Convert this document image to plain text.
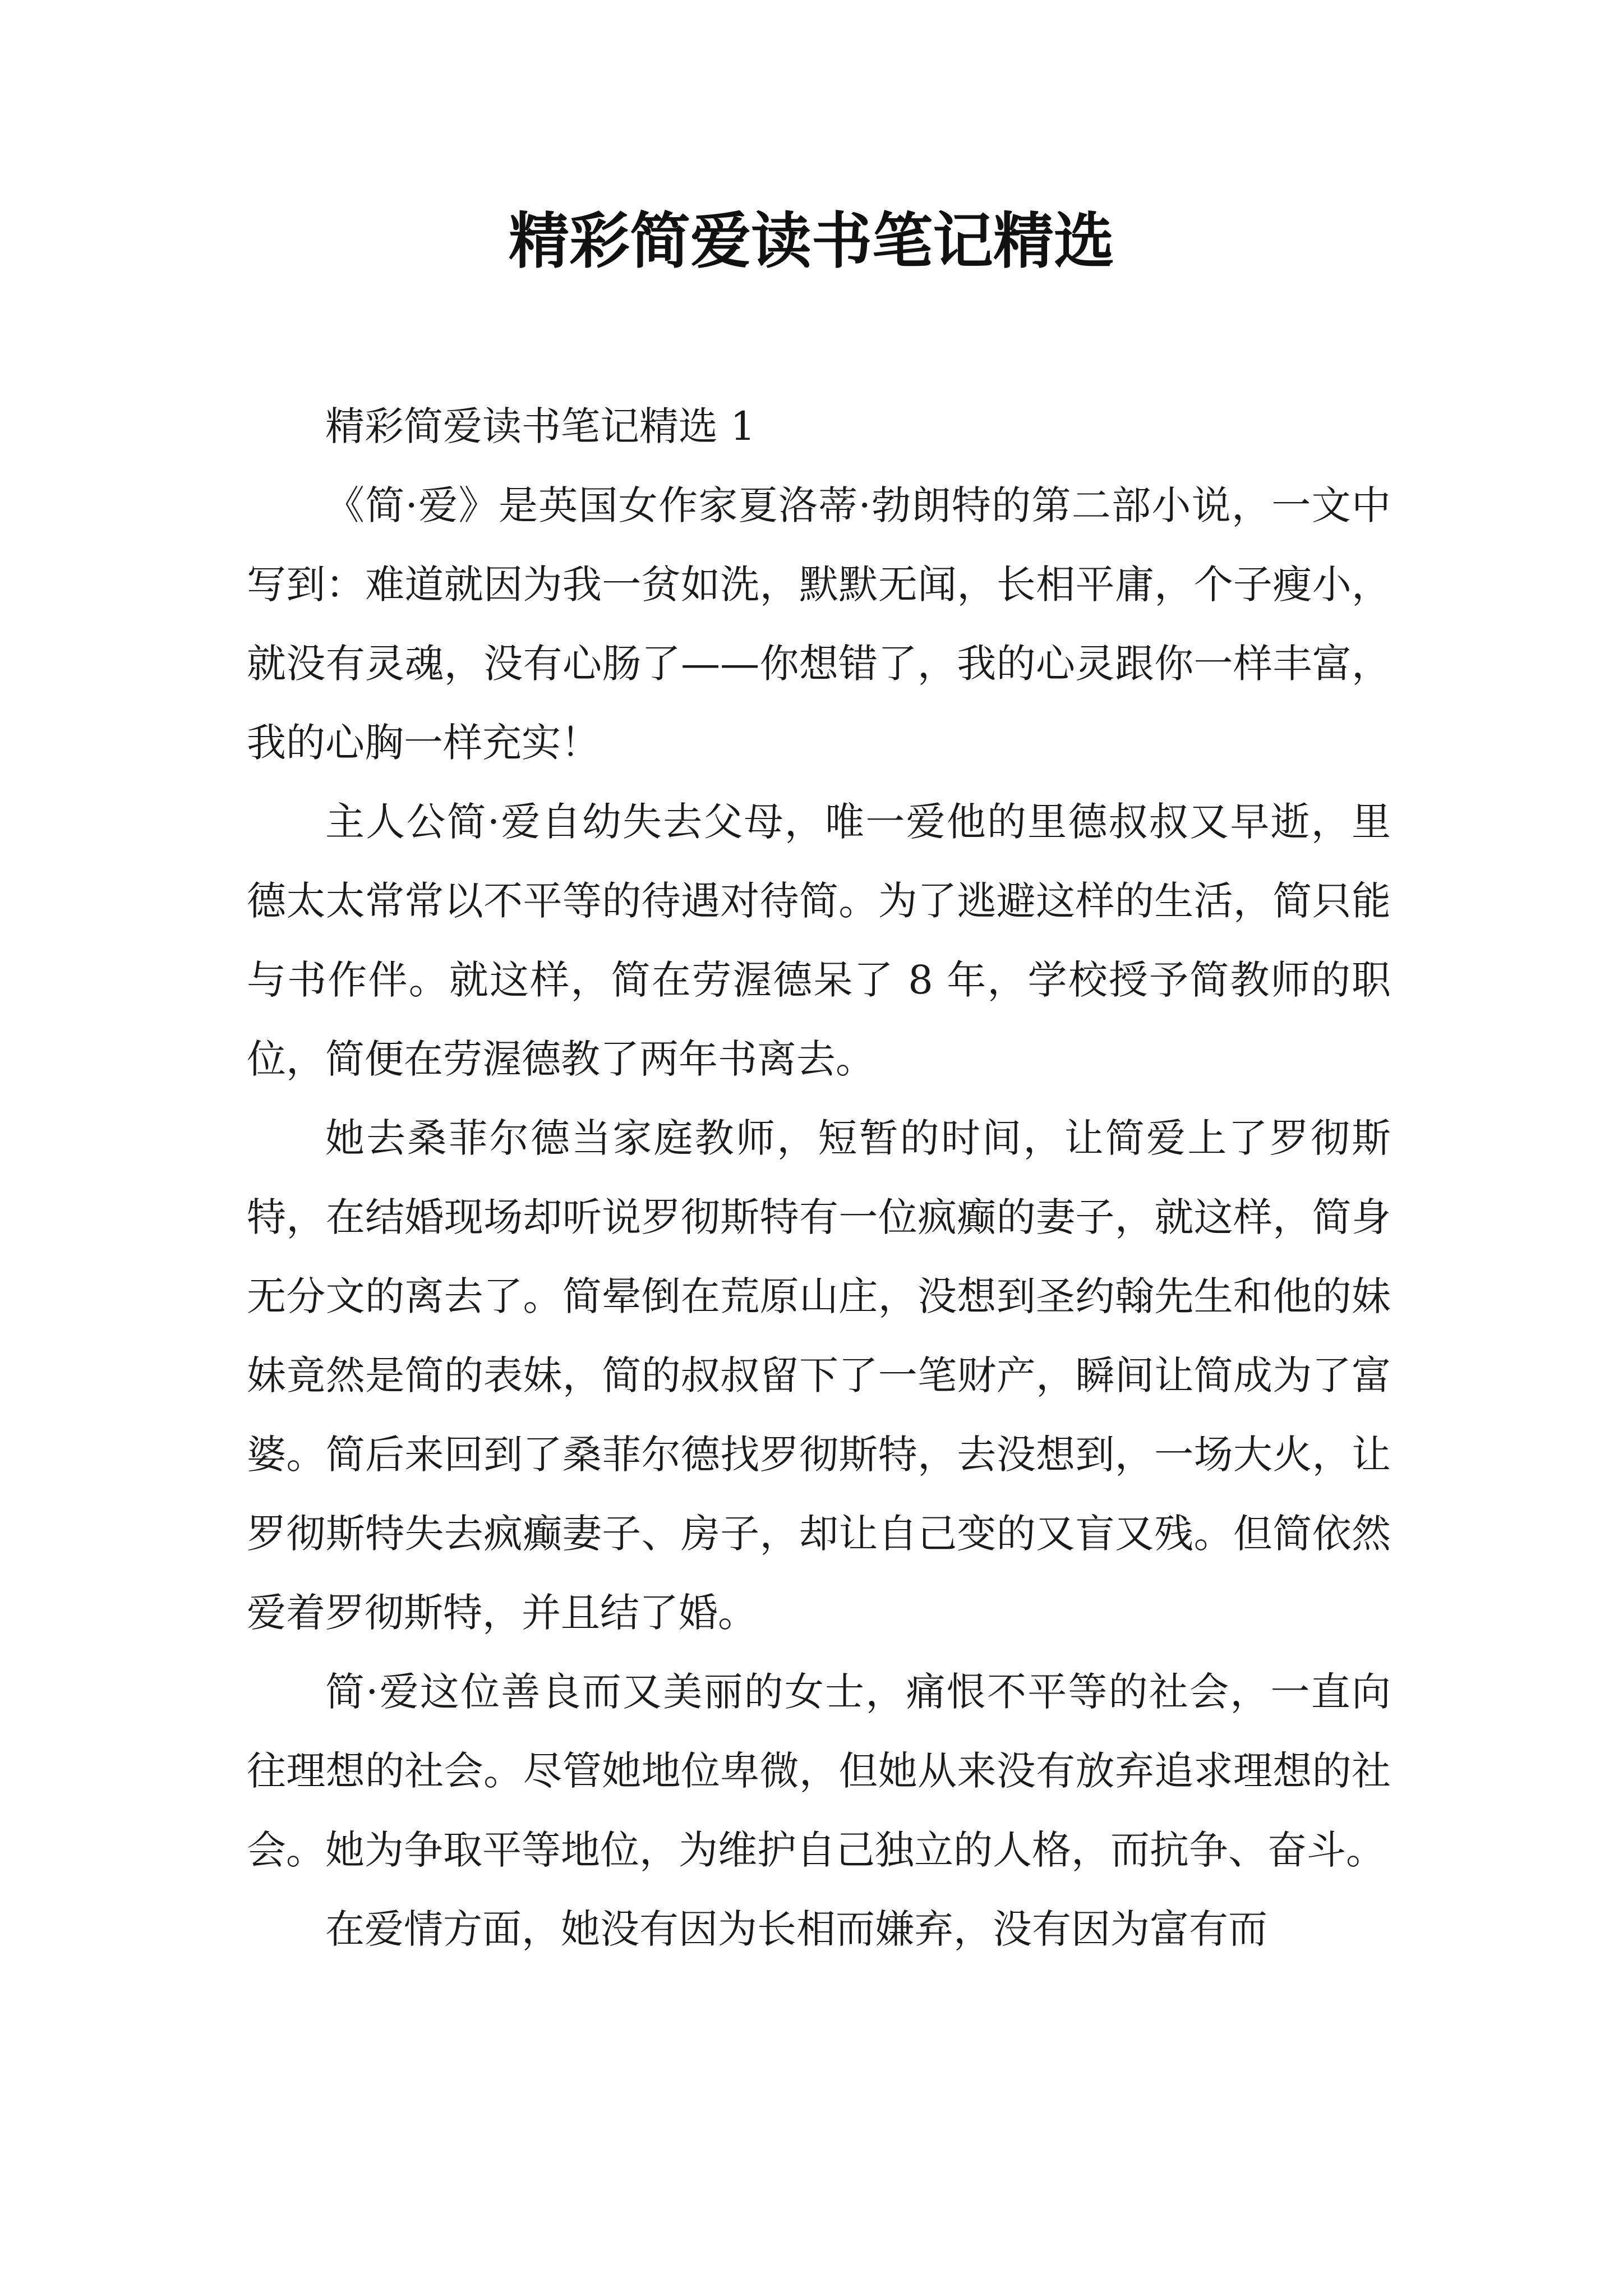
精彩简爱读书笔记精选

精彩简爱读书笔记精选 1

《简·爱》是英国女作家夏洛蒂·勃朗特的第二部小说，一文中写到：难道就因为我一贫如洗，默默无闻，长相平庸，个子瘦小，就没有灵魂，没有心肠了——你想错了，我的心灵跟你一样丰富，我的心胸一样充实！

主人公简·爱自幼失去父母，唯一爱他的里德叔叔又早逝，里德太太常常以不平等的待遇对待简。为了逃避这样的生活，简只能与书作伴。就这样，简在劳渥德呆了 8 年，学校授予简教师的职位，简便在劳渥德教了两年书离去。

她去桑菲尔德当家庭教师，短暂的时间，让简爱上了罗彻斯特，在结婚现场却听说罗彻斯特有一位疯癫的妻子，就这样，简身无分文的离去了。简晕倒在荒原山庄，没想到圣约翰先生和他的妹妹竟然是简的表妹，简的叔叔留下了一笔财产，瞬间让简成为了富婆。简后来回到了桑菲尔德找罗彻斯特，去没想到，一场大火，让罗彻斯特失去疯癫妻子、房子，却让自己变的又盲又残。但简依然爱着罗彻斯特，并且结了婚。

简·爱这位善良而又美丽的女士，痛恨不平等的社会，一直向往理想的社会。尽管她地位卑微，但她从来没有放弃追求理想的社会。她为争取平等地位，为维护自己独立的人格，而抗争、奋斗。

在爱情方面，她没有因为长相而嫌弃，没有因为富有而
